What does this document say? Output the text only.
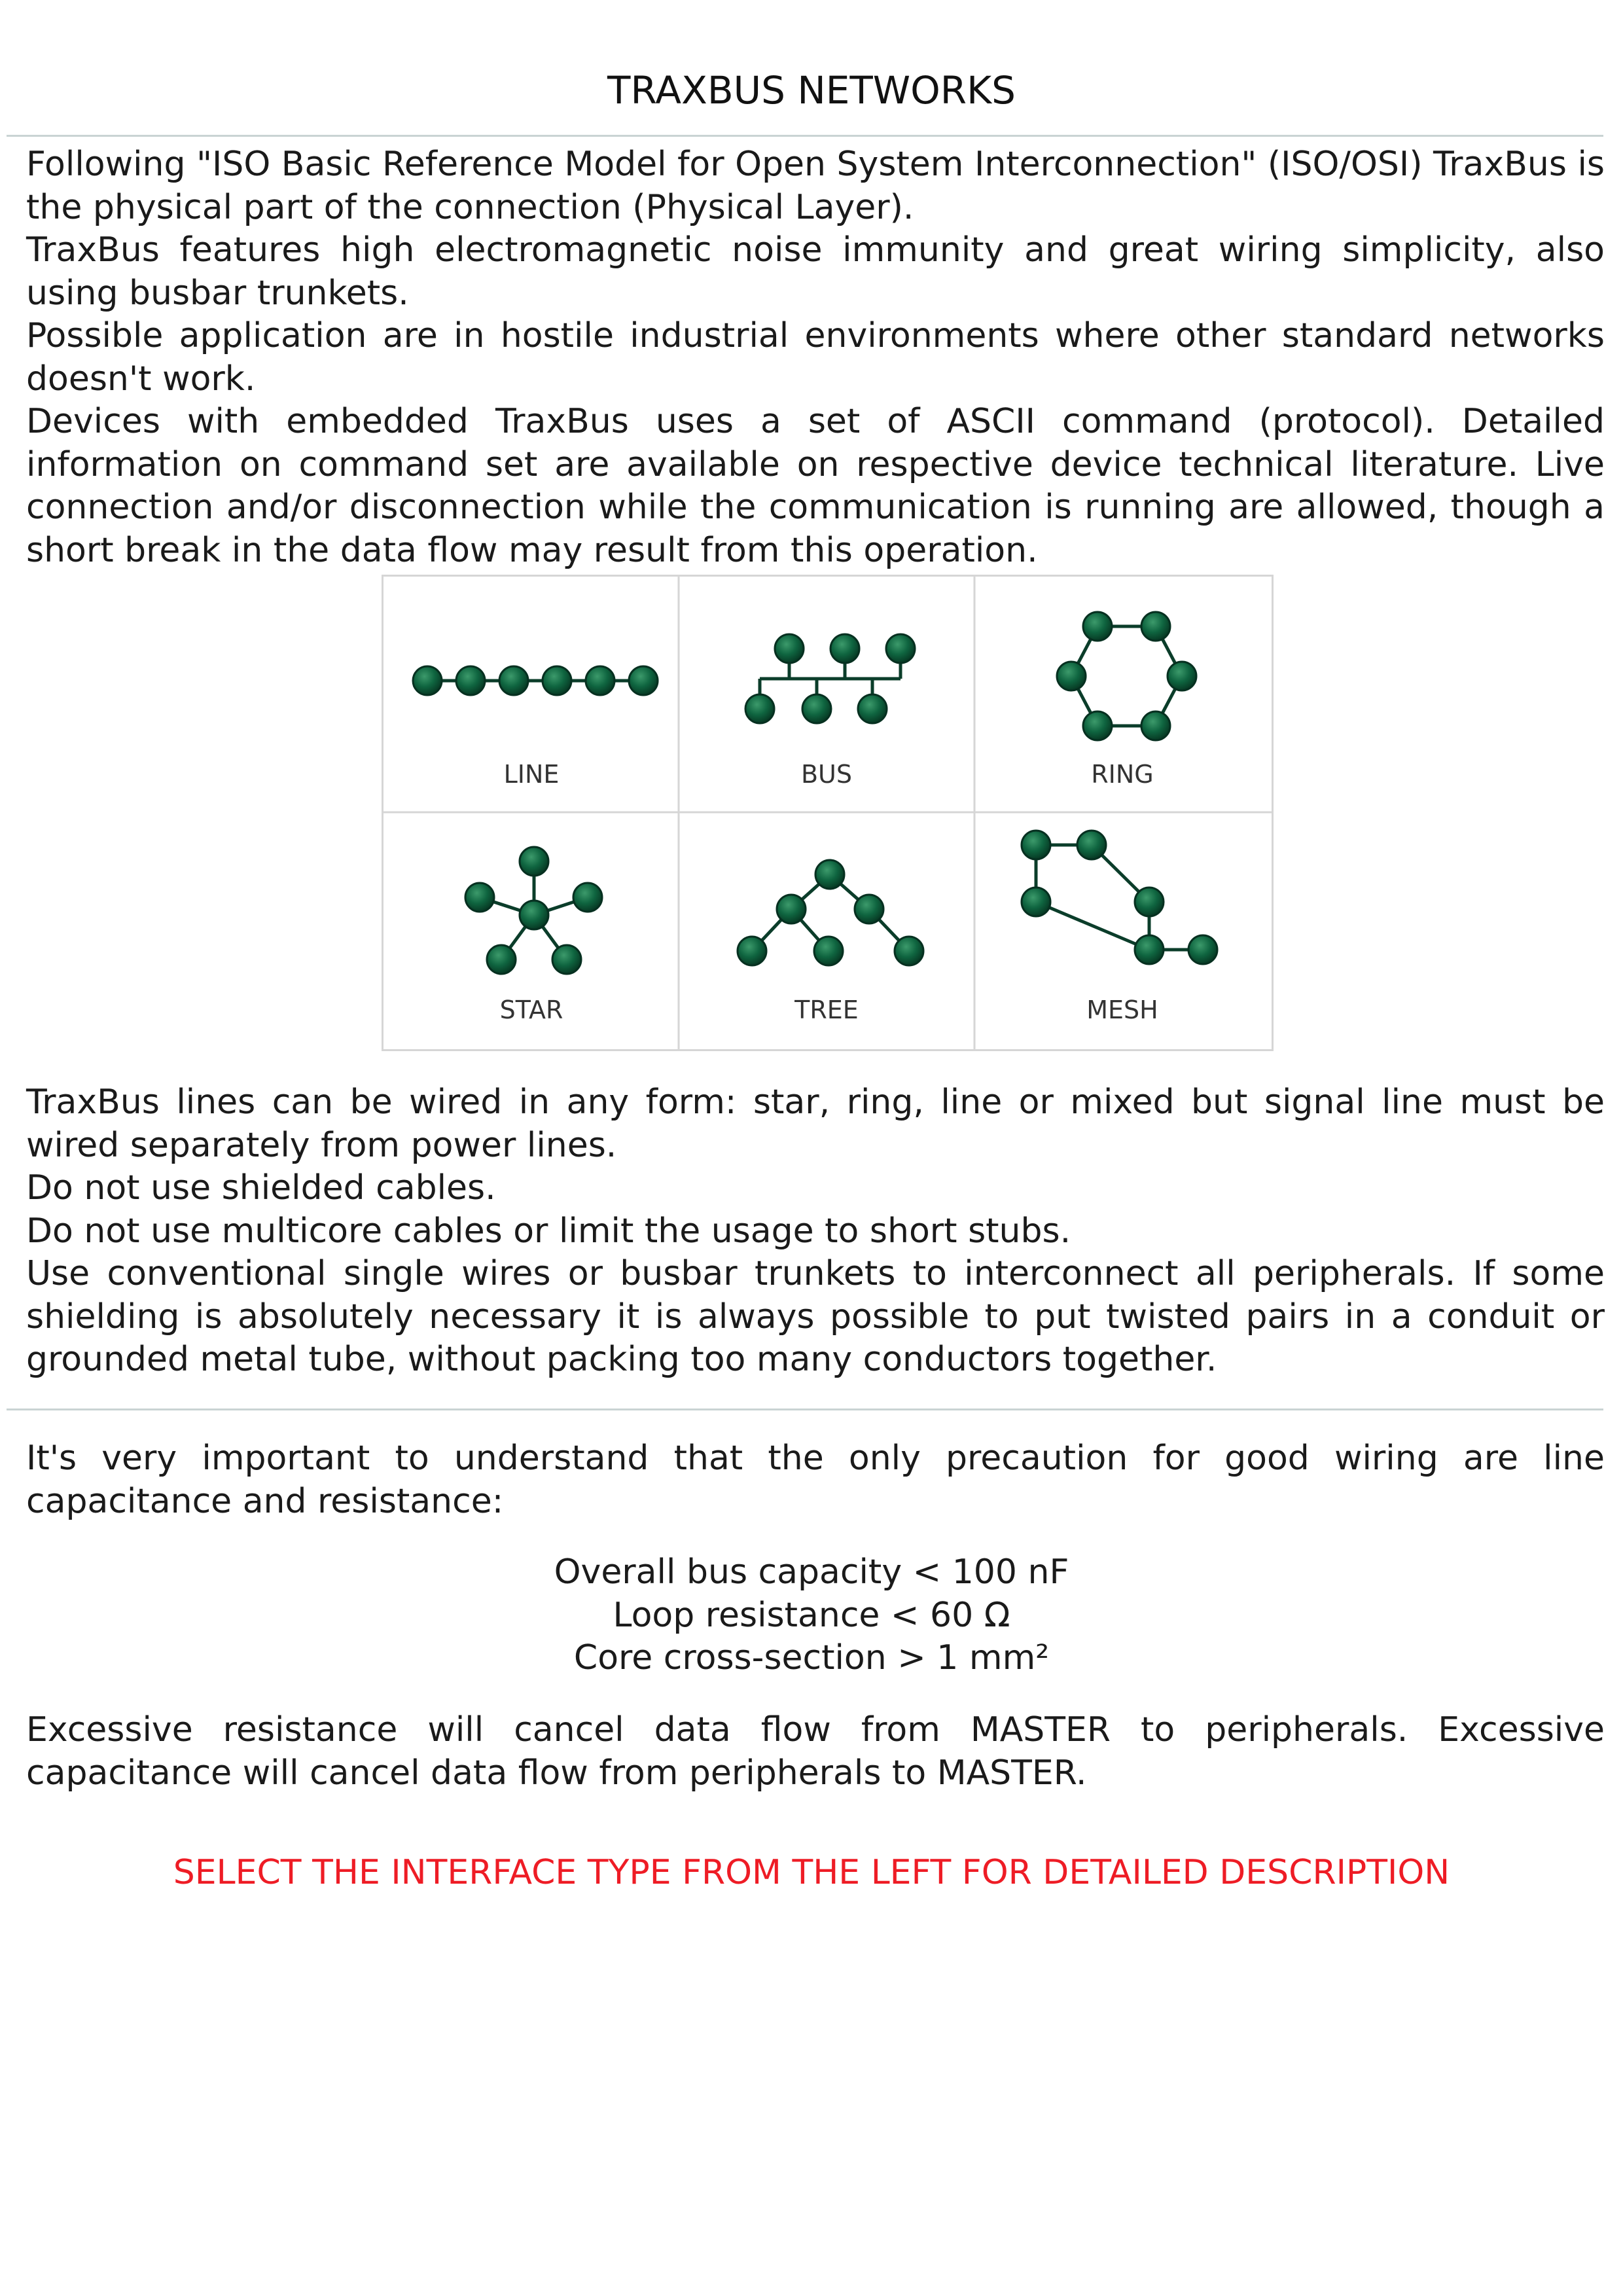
TRAXBUS NETWORKS

Following "ISO Basic Reference Model for Open System Interconnection" (ISO/OSI) TraxBus is the physical part of the connection (Physical Layer).

TraxBus features high electromagnetic noise immunity and great wiring simplicity, also using busbar trunkets.

Possible application are in hostile industrial environments where other standard networks doesn't work.

Devices with embedded TraxBus uses a set of ASCII command (protocol). Detailed information on command set are available on respective device technical literature. Live connection and/or disconnection while the communication is running are allowed, though a short break in the data flow may result from this operation.

LINE	BUS	RING
STAR	TREE	MESH

TraxBus lines can be wired in any form: star, ring, line or mixed but signal line must be wired separately from power lines.

Do not use shielded cables.

Do not use multicore cables or limit the usage to short stubs.

Use conventional single wires or busbar trunkets to interconnect all peripherals. If some shielding is absolutely necessary it is always possible to put twisted pairs in a conduit or grounded metal tube, without packing too many conductors together.

It's very important to understand that the only precaution for good wiring are line capacitance and resistance:
Overall bus capacity < 100 nF
Loop resistance < 60 Ω
Core cross-section > 1 mm²
Excessive resistance will cancel data flow from MASTER to peripherals. Excessive capacitance will cancel data flow from peripherals to MASTER.
SELECT THE INTERFACE TYPE FROM THE LEFT FOR DETAILED DESCRIPTION
